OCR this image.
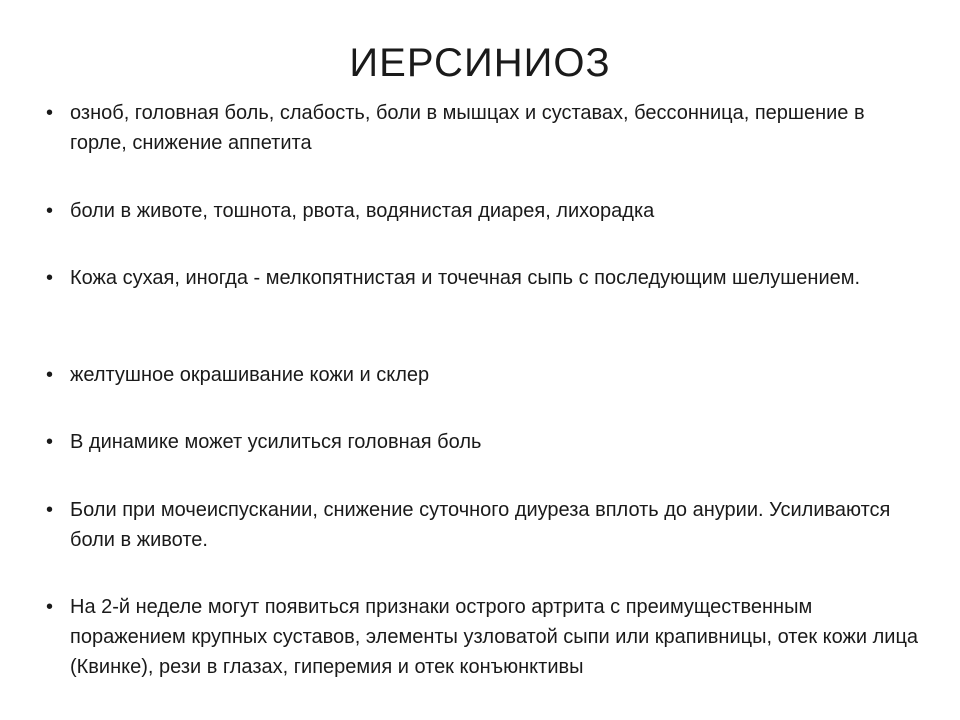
ИЕРСИНИОЗ
• озноб, головная боль, слабость, боли в мышцах и суставах, бессонница, першение в горле, снижение аппетита
• боли в животе, тошнота, рвота, водянистая диарея, лихорадка
• Кожа сухая, иногда - мелкопятнистая и точечная сыпь с последующим шелушением.
• желтушное окрашивание кожи и склер
• В динамике может усилиться головная боль
• Боли при мочеиспускании, снижение суточного диуреза вплоть до анурии. Усиливаются боли в животе.
• На 2-й неделе могут появиться признаки острого артрита с преимущественным поражением крупных суставов, элементы узловатой сыпи или крапивницы, отек кожи лица (Квинке), рези в глазах, гиперемия и отек конъюнктивы
